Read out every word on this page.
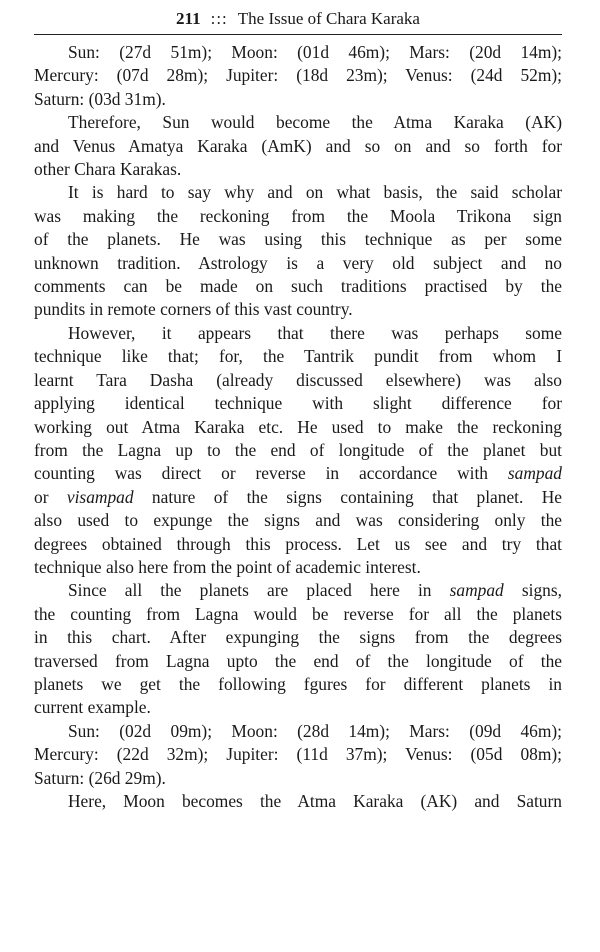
211 ::: The Issue of Chara Karaka
Sun: (27d 51m); Moon: (01d 46m); Mars: (20d 14m);
Mercury: (07d 28m); Jupiter: (18d 23m); Venus: (24d 52m);
Saturn: (03d 31m).
Therefore, Sun would become the Atma Karaka (AK)
and Venus Amatya Karaka (AmK) and so on and so forth for
other Chara Karakas.
It is hard to say why and on what basis, the said scholar
was making the reckoning from the Moola Trikona sign
of the planets. He was using this technique as per some
unknown tradition. Astrology is a very old subject and no
comments can be made on such traditions practised by the
pundits in remote corners of this vast country.
However, it appears that there was perhaps some
technique like that; for, the Tantrik pundit from whom I
learnt Tara Dasha (already discussed elsewhere) was also
applying identical technique with slight difference for
working out Atma Karaka etc. He used to make the reckoning
from the Lagna up to the end of longitude of the planet but
counting was direct or reverse in accordance with sampad
or visampad nature of the signs containing that planet. He
also used to expunge the signs and was considering only the
degrees obtained through this process. Let us see and try that
technique also here from the point of academic interest.
Since all the planets are placed here in sampad signs,
the counting from Lagna would be reverse for all the planets
in this chart. After expunging the signs from the degrees
traversed from Lagna upto the end of the longitude of the
planets we get the following fgures for different planets in
current example.
Sun: (02d 09m); Moon: (28d 14m); Mars: (09d 46m);
Mercury: (22d 32m); Jupiter: (11d 37m); Venus: (05d 08m);
Saturn: (26d 29m).
Here, Moon becomes the Atma Karaka (AK) and Saturn
